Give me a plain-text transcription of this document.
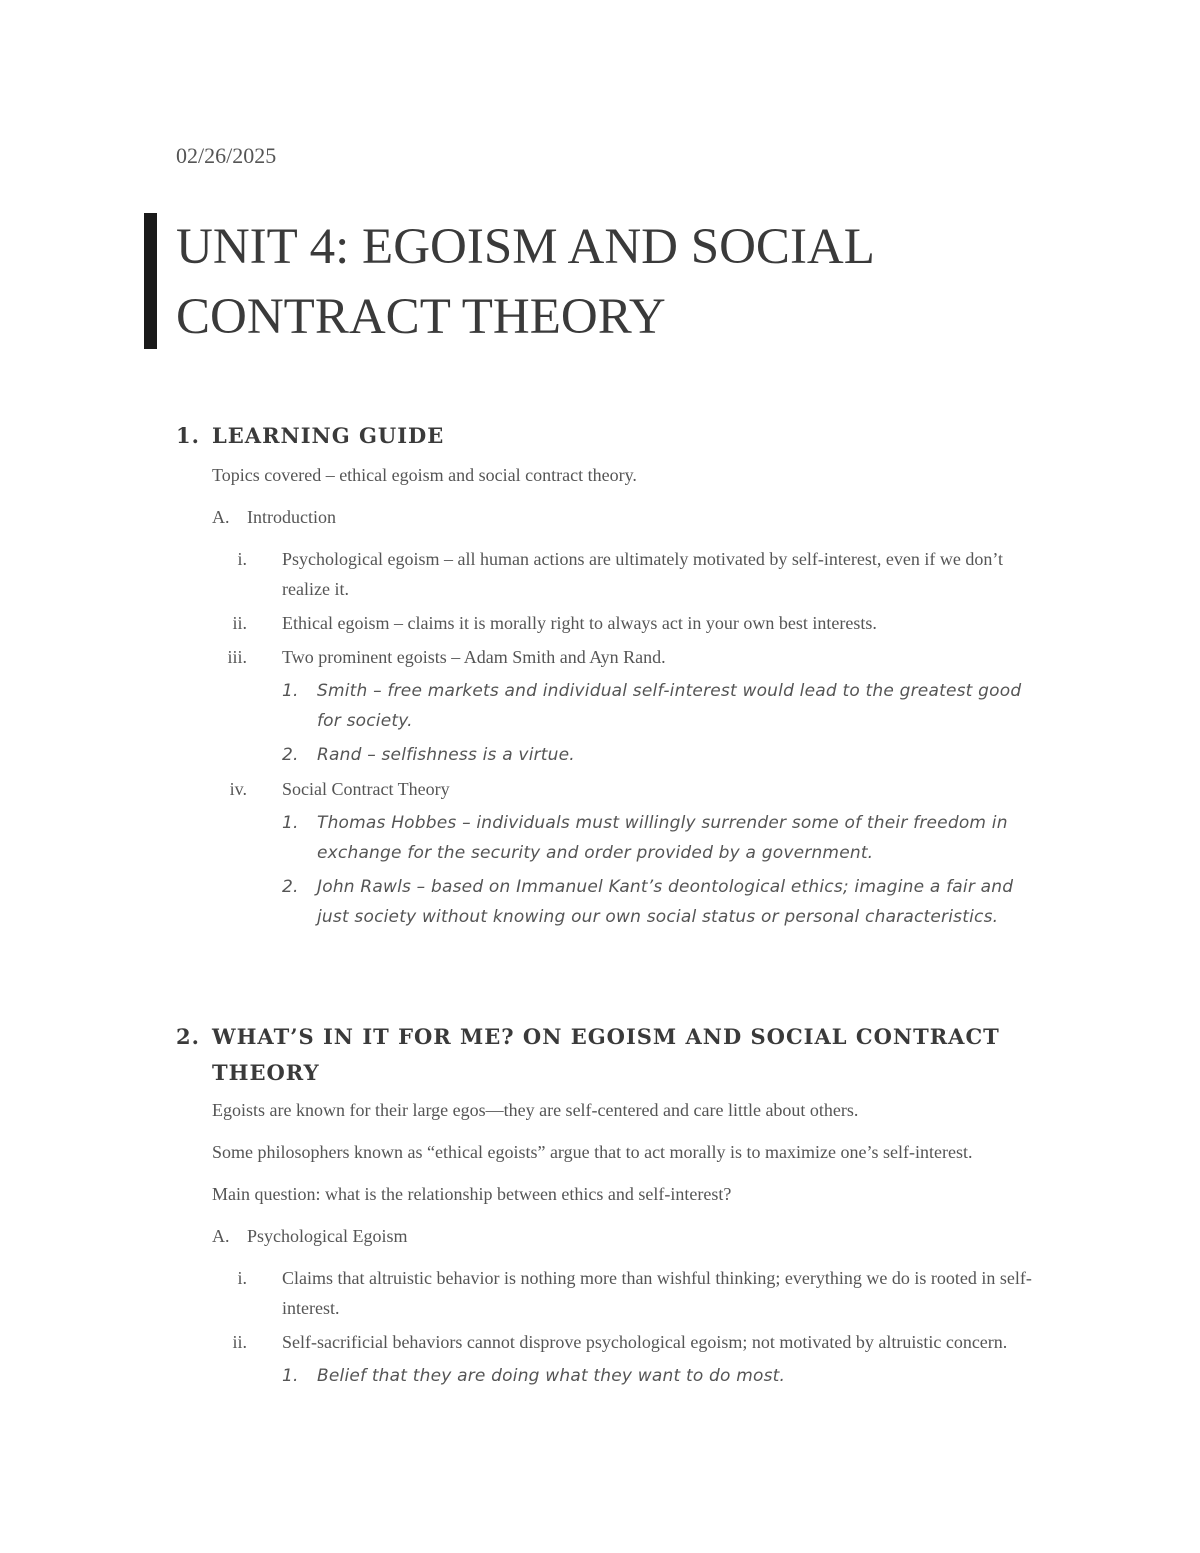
02/26/2025
UNIT 4: EGOISM AND SOCIAL CONTRACT THEORY
1. LEARNING GUIDE

Topics covered – ethical egoism and social contract theory.

A. Introduction
i.	Psychological egoism – all human actions are ultimately motivated by self-interest, even if we don’t realize it.
ii.	Ethical egoism – claims it is morally right to always act in your own best interests.
iii.	Two prominent egoists – Adam Smith and Ayn Rand.
1.	Smith – free markets and individual self-interest would lead to the greatest good for society.
2.	Rand – selfishness is a virtue.
iv.	Social Contract Theory
1.	Thomas Hobbes – individuals must willingly surrender some of their freedom in exchange for the security and order provided by a government.
2.	John Rawls – based on Immanuel Kant’s deontological ethics; imagine a fair and just society without knowing our own social status or personal characteristics.
2. WHAT’S IN IT FOR ME? ON EGOISM AND SOCIAL CONTRACT THEORY

Egoists are known for their large egos—they are self-centered and care little about others.

Some philosophers known as “ethical egoists” argue that to act morally is to maximize one’s self-interest.

Main question: what is the relationship between ethics and self-interest?

A. Psychological Egoism
i.	Claims that altruistic behavior is nothing more than wishful thinking; everything we do is rooted in self-interest.
ii.	Self-sacrificial behaviors cannot disprove psychological egoism; not motivated by altruistic concern.
1.	Belief that they are doing what they want to do most.
